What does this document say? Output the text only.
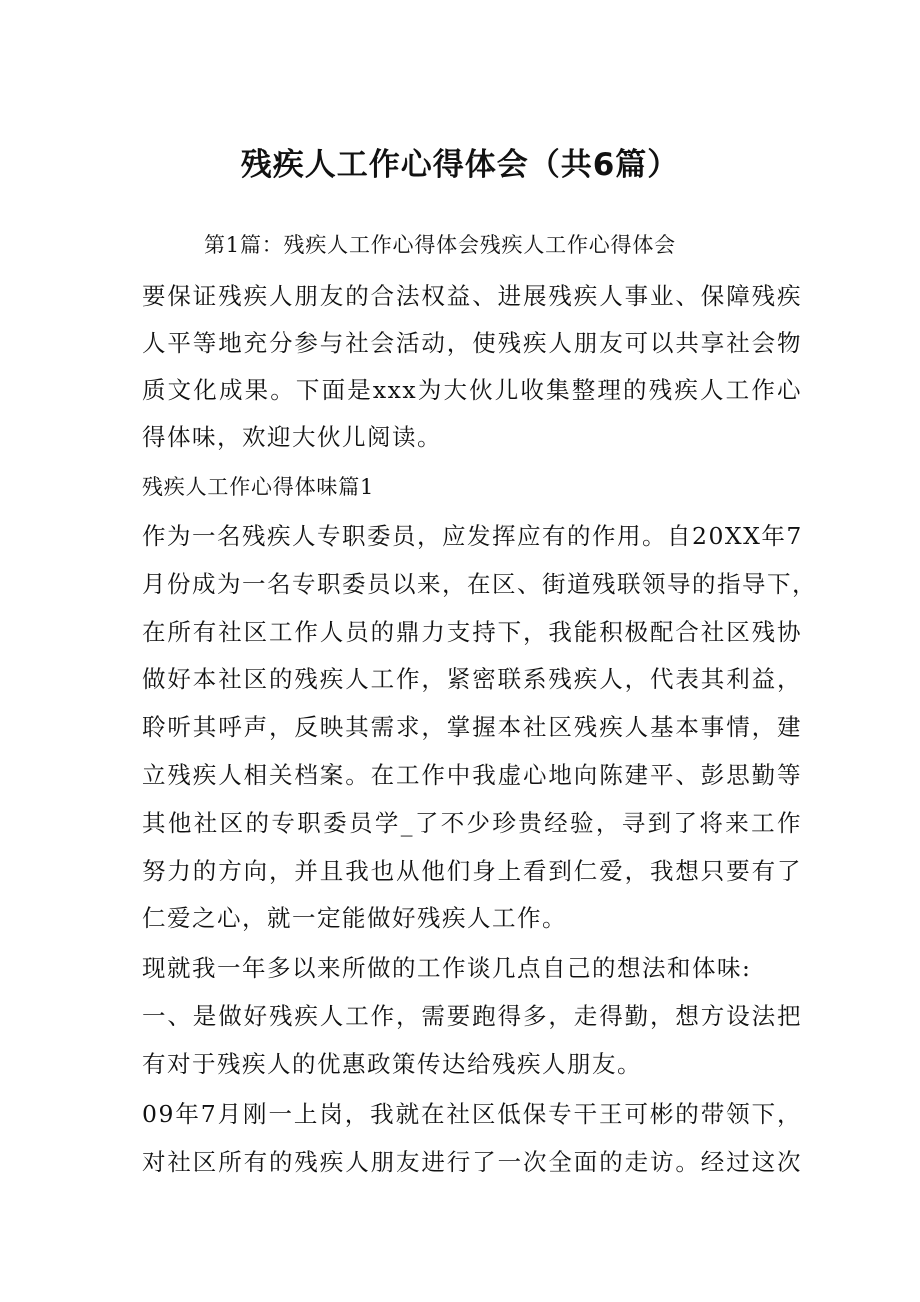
残疾人工作心得体会（共6篇）

第1篇：残疾人工作心得体会残疾人工作心得体会

要保证残疾人朋友的合法权益、进展残疾人事业、保障残疾

人平等地充分参与社会活动，使残疾人朋友可以共享社会物

质文化成果。下面是xxx为大伙儿收集整理的残疾人工作心

得体味，欢迎大伙儿阅读。

残疾人工作心得体味篇1

作为一名残疾人专职委员，应发挥应有的作用。自20XX年7

月份成为一名专职委员以来，在区、街道残联领导的指导下，

在所有社区工作人员的鼎力支持下，我能积极配合社区残协

做好本社区的残疾人工作，紧密联系残疾人，代表其利益，

聆听其呼声，反映其需求，掌握本社区残疾人基本事情，建

立残疾人相关档案。在工作中我虚心地向陈建平、彭思勤等

其他社区的专职委员学_了不少珍贵经验，寻到了将来工作

努力的方向，并且我也从他们身上看到仁爱，我想只要有了

仁爱之心，就一定能做好残疾人工作。

现就我一年多以来所做的工作谈几点自己的想法和体味:

一、是做好残疾人工作，需要跑得多，走得勤，想方设法把

有对于残疾人的优惠政策传达给残疾人朋友。

09年7月刚一上岗，我就在社区低保专干王可彬的带领下，

对社区所有的残疾人朋友进行了一次全面的走访。经过这次
